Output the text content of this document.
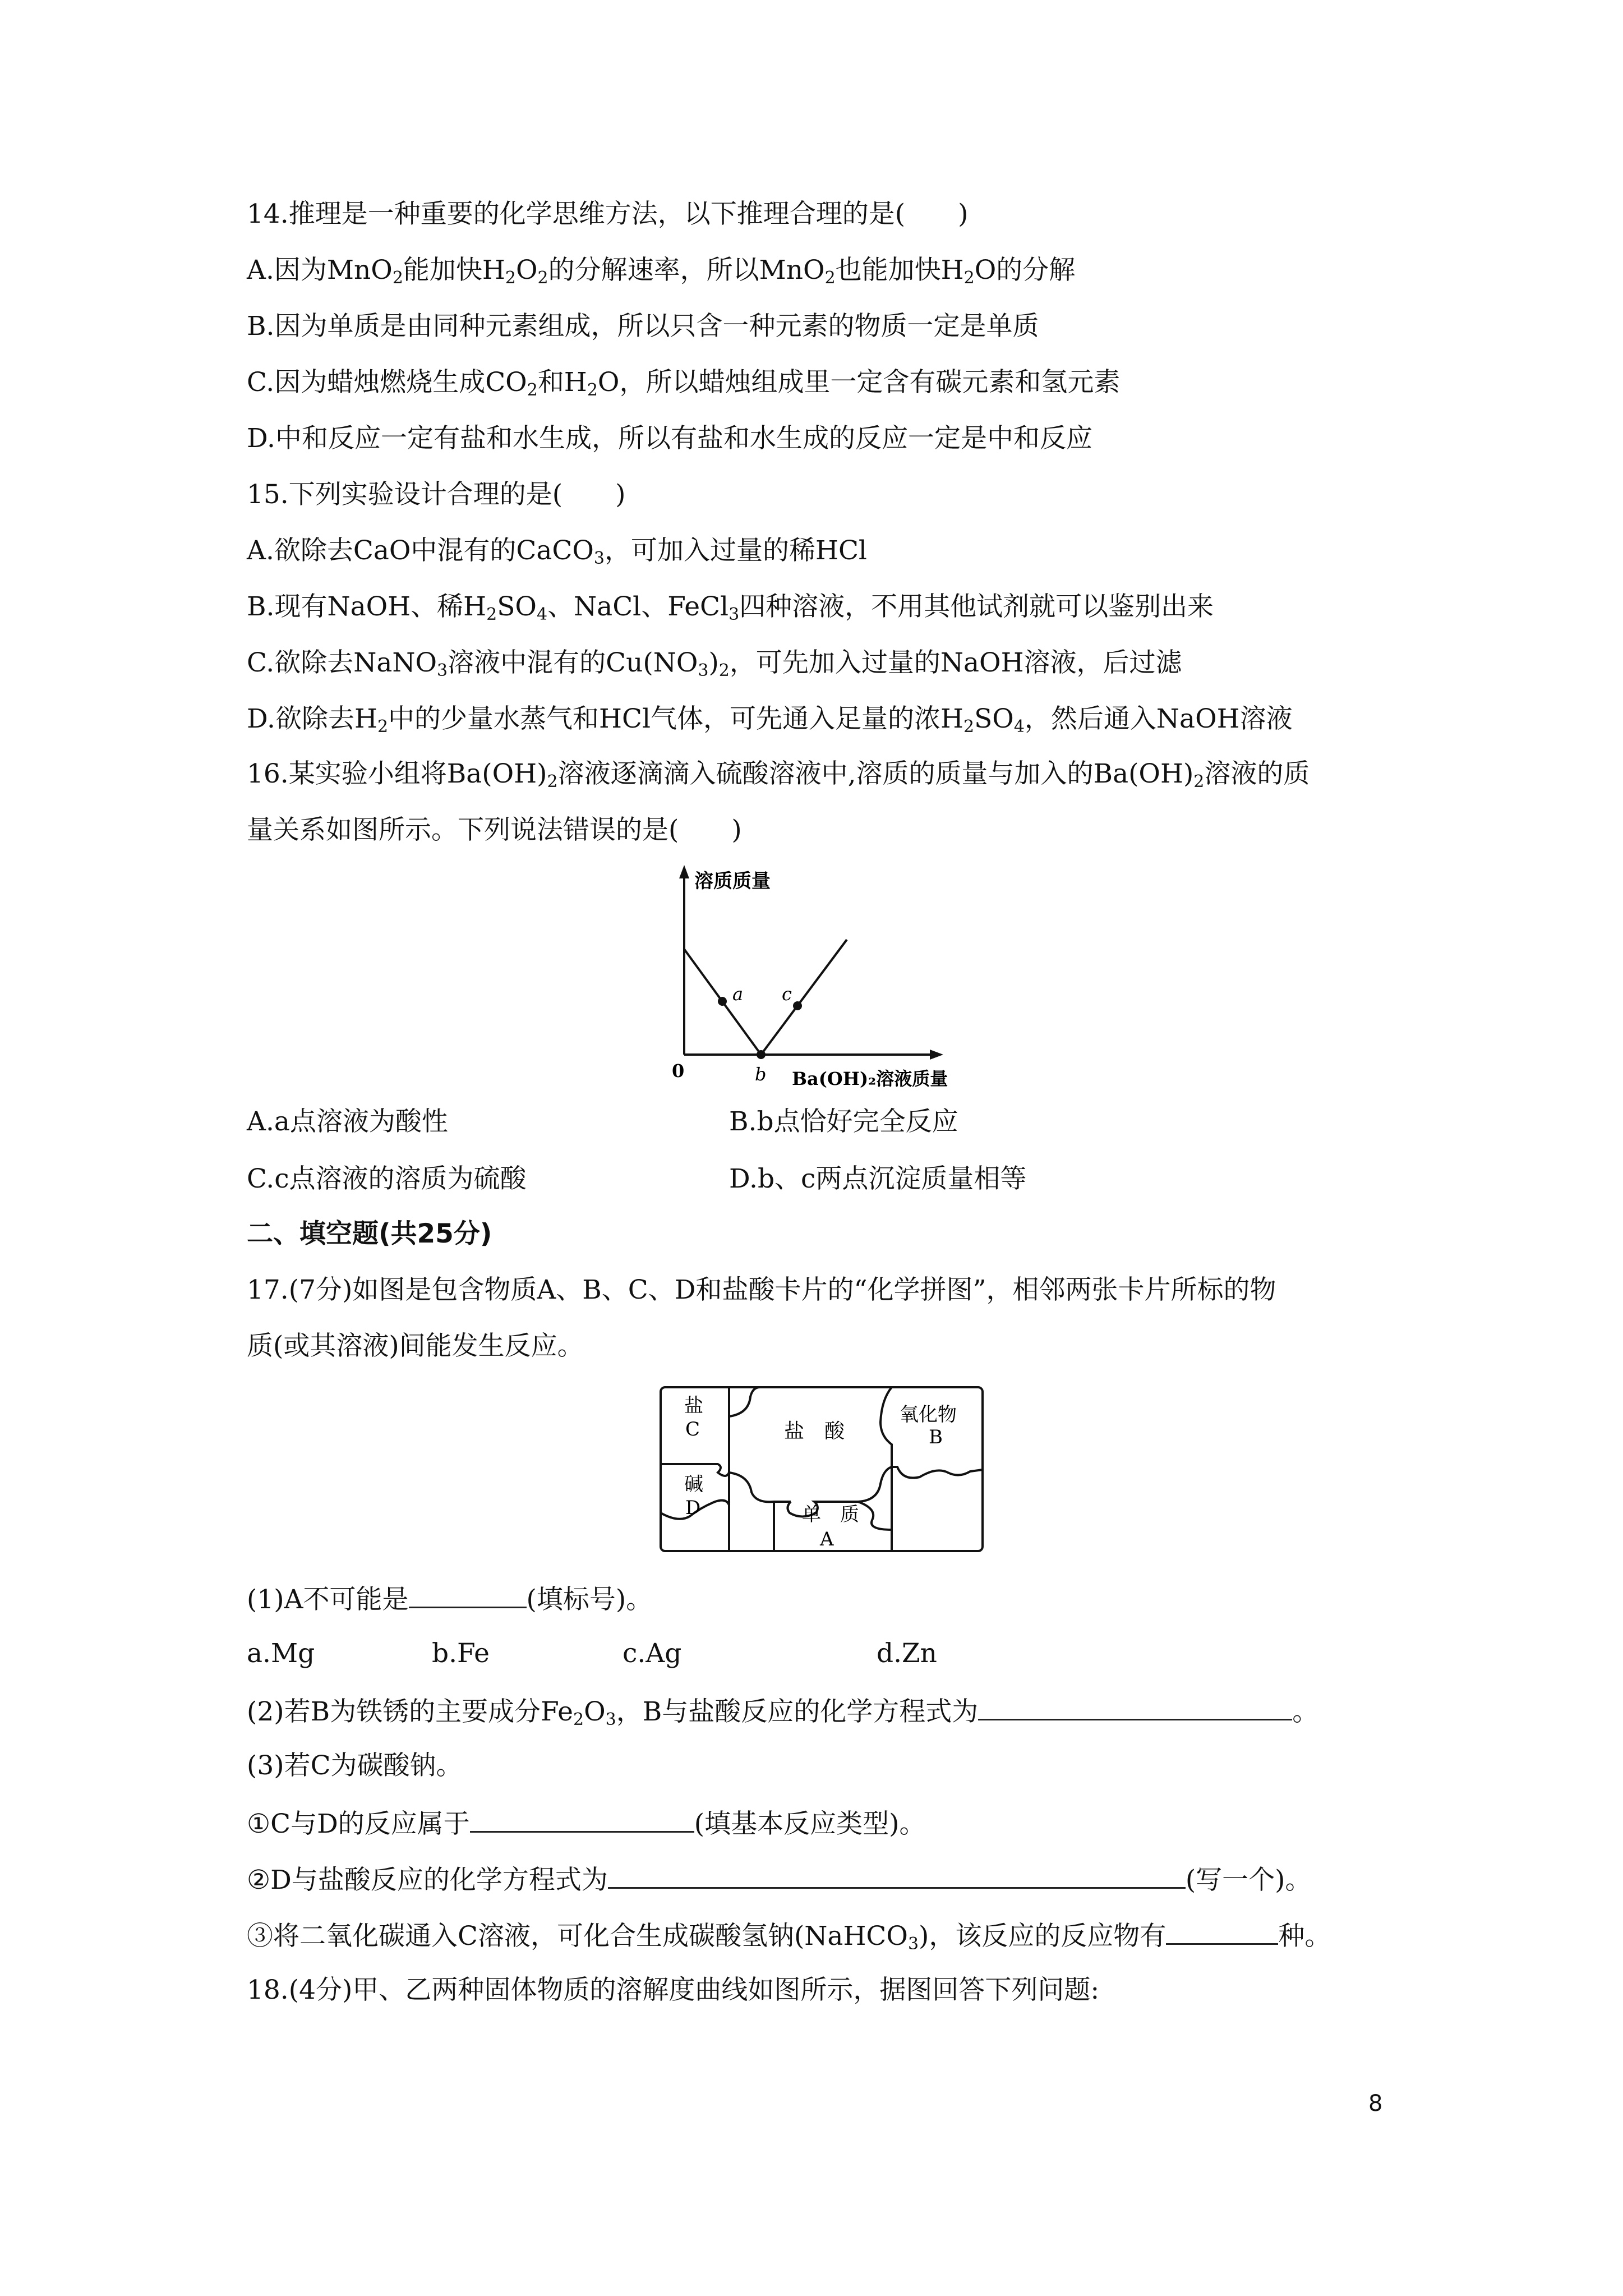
14.推理是一种重要的化学思维方法，以下推理合理的是(　　)
A.因为MnO$_2$能加快$H_2O_2$的分解速率，所以MnO$_2$也能加快$H_2O$的分解
B.因为单质是由同种元素组成，所以只含一种元素的物质一定是单质
C.因为蜡烛燃烧生成$CO_2$和$H_2O$，所以蜡烛组成里一定含有碳元素和氢元素
D.中和反应一定有盐和水生成，所以有盐和水生成的反应一定是中和反应
15.下列实验设计合理的是(　　)
A.欲除去CaO中混有的CaCO$_3$，可加入过量的稀HCl
B.现有NaOH、稀$H_2SO_4$、NaCl、FeCl$_3$四种溶液，不用其他试剂就可以鉴别出来
C.欲除去NaNO$_3$溶液中混有的$Cu(NO_3)_2$，可先加入过量的NaOH溶液，后过滤
D.欲除去$H_2$中的少量水蒸气和HCl气体，可先通入足量的浓$H_2SO_4$，然后通入NaOH溶液
16.某实验小组将$Ba(OH)_2$溶液逐滴滴入硫酸溶液中,溶质的质量与加入的$Ba(OH)_2$溶液的质
量关系如图所示。下列说法错误的是(　　)
溶质质量
a
b
c
0	Ba(OH)₂溶液质量
A.a点溶液为酸性	B.b点恰好完全反应
C.c点溶液的溶质为硫酸	D.b、c两点沉淀质量相等
二、填空题(共25分)
17.(7分)如图是包含物质A、B、C、D和盐酸卡片的“化学拼图”，相邻两张卡片所标的物
质(或其溶液)间能发生反应。
盐
C
碱
D
盐　酸
氧化物
B
单　质
A
(1)A不可能是	(填标号)。
a.Mg	b.Fe	c.Ag	d.Zn
(2)若B为铁锈的主要成分$Fe_2O_3$，B与盐酸反应的化学方程式为	。
(3)若C为碳酸钠。
①C与D的反应属于	(填基本反应类型)。
②D与盐酸反应的化学方程式为	(写一个)。
③将二氧化碳通入C溶液，可化合生成碳酸氢钠(NaHCO$_3$)，该反应的反应物有	种。
18.(4分)甲、乙两种固体物质的溶解度曲线如图所示，据图回答下列问题:
8
